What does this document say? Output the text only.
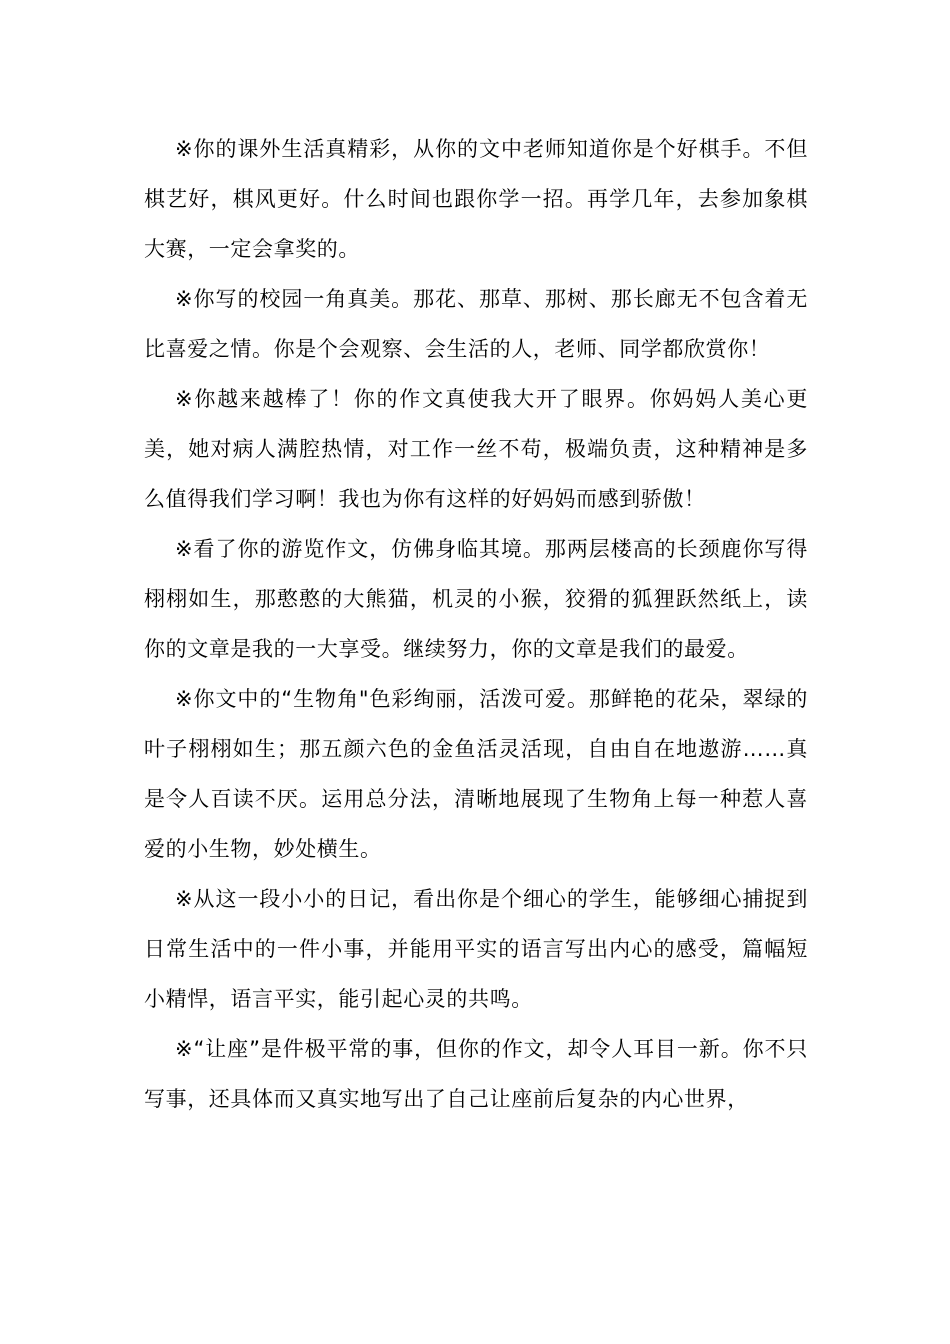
※你的课外生活真精彩，从你的文中老师知道你是个好棋手。不但棋艺好，棋风更好。什么时间也跟你学一招。再学几年，去参加象棋大赛，一定会拿奖的。

※你写的校园一角真美。那花、那草、那树、那长廊无不包含着无比喜爱之情。你是个会观察、会生活的人，老师、同学都欣赏你！

※你越来越棒了！你的作文真使我大开了眼界。你妈妈人美心更美，她对病人满腔热情，对工作一丝不苟，极端负责，这种精神是多么值得我们学习啊！我也为你有这样的好妈妈而感到骄傲！

※看了你的游览作文，仿佛身临其境。那两层楼高的长颈鹿你写得栩栩如生，那憨憨的大熊猫，机灵的小猴，狡猾的狐狸跃然纸上，读你的文章是我的一大享受。继续努力，你的文章是我们的最爱。

※你文中的“生物角"色彩绚丽，活泼可爱。那鲜艳的花朵，翠绿的叶子栩栩如生；那五颜六色的金鱼活灵活现，自由自在地遨游……真是令人百读不厌。运用总分法，清晰地展现了生物角上每一种惹人喜爱的小生物，妙处横生。

※从这一段小小的日记，看出你是个细心的学生，能够细心捕捉到日常生活中的一件小事，并能用平实的语言写出内心的感受，篇幅短小精悍，语言平实，能引起心灵的共鸣。

※“让座”是件极平常的事，但你的作文，却令人耳目一新。你不只写事，还具体而又真实地写出了自己让座前后复杂的内心世界，
